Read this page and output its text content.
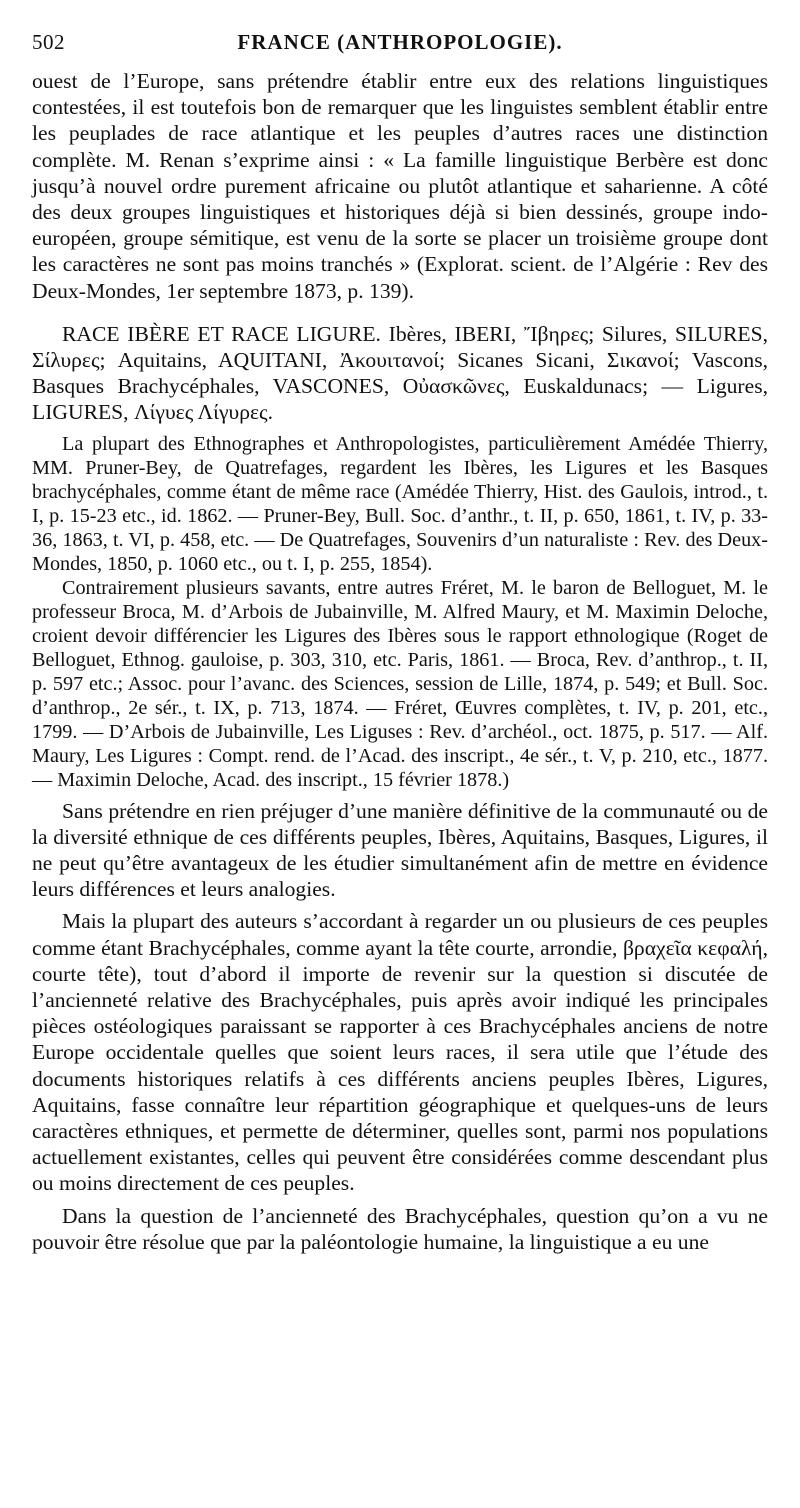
502	FRANCE (ANTHROPOLOGIE).

ouest de l’Europe, sans prétendre établir entre eux des relations linguistiques contestées, il est toutefois bon de remarquer que les linguistes semblent établir entre les peuplades de race atlantique et les peuples d’autres races une distinction complète. M. Renan s’exprime ainsi : « La famille linguistique Berbère est donc jusqu’à nouvel ordre purement africaine ou plutôt atlantique et saharienne. A côté des deux groupes linguistiques et historiques déjà si bien dessinés, groupe indo-européen, groupe sémitique, est venu de la sorte se placer un troisième groupe dont les caractères ne sont pas moins tranchés » (Explorat. scient. de l’Algérie : Rev des Deux-Mondes, 1er septembre 1873, p. 139).

RACE IBÈRE ET RACE LIGURE. Ibères, IBERI, Ἴβηρες; Silures, SILURES, Σίλυρες; Aquitains, AQUITANI, Ἀκουιτανοί; Sicanes Sicani, Σικανοί; Vascons, Basques Brachycéphales, VASCONES, Οὐασκῶνες, Euskaldunacs; — Ligures, LIGURES, Λίγυες Λίγυρες.

La plupart des Ethnographes et Anthropologistes, particulièrement Amédée Thierry, MM. Pruner-Bey, de Quatrefages, regardent les Ibères, les Ligures et les Basques brachycéphales, comme étant de même race (Amédée Thierry, Hist. des Gaulois, introd., t. I, p. 15-23 etc., id. 1862. — Pruner-Bey, Bull. Soc. d’anthr., t. II, p. 650, 1861, t. IV, p. 33-36, 1863, t. VI, p. 458, etc. — De Quatrefages, Souvenirs d’un naturaliste : Rev. des Deux-Mondes, 1850, p. 1060 etc., ou t. I, p. 255, 1854).

Contrairement plusieurs savants, entre autres Fréret, M. le baron de Belloguet, M. le professeur Broca, M. d’Arbois de Jubainville, M. Alfred Maury, et M. Maximin Deloche, croient devoir différencier les Ligures des Ibères sous le rapport ethnologique (Roget de Belloguet, Ethnog. gauloise, p. 303, 310, etc. Paris, 1861. — Broca, Rev. d’anthrop., t. II, p. 597 etc.; Assoc. pour l’avanc. des Sciences, session de Lille, 1874, p. 549; et Bull. Soc. d’anthrop., 2e sér., t. IX, p. 713, 1874. — Fréret, Œuvres complètes, t. IV, p. 201, etc., 1799. — D’Arbois de Jubainville, Les Liguses : Rev. d’archéol., oct. 1875, p. 517. — Alf. Maury, Les Ligures : Compt. rend. de l’Acad. des inscript., 4e sér., t. V, p. 210, etc., 1877. — Maximin Deloche, Acad. des inscript., 15 février 1878.)

Sans prétendre en rien préjuger d’une manière définitive de la communauté ou de la diversité ethnique de ces différents peuples, Ibères, Aquitains, Basques, Ligures, il ne peut qu’être avantageux de les étudier simultanément afin de mettre en évidence leurs différences et leurs analogies.

Mais la plupart des auteurs s’accordant à regarder un ou plusieurs de ces peuples comme étant Brachycéphales, comme ayant la tête courte, arrondie, βραχεῖα κεφαλή, courte tête), tout d’abord il importe de revenir sur la question si discutée de l’ancienneté relative des Brachycéphales, puis après avoir indiqué les principales pièces ostéologiques paraissant se rapporter à ces Brachycéphales anciens de notre Europe occidentale quelles que soient leurs races, il sera utile que l’étude des documents historiques relatifs à ces différents anciens peuples Ibères, Ligures, Aquitains, fasse connaître leur répartition géographique et quelques-uns de leurs caractères ethniques, et permette de déterminer, quelles sont, parmi nos populations actuellement existantes, celles qui peuvent être considérées comme descendant plus ou moins directement de ces peuples.

Dans la question de l’ancienneté des Brachycéphales, question qu’on a vu ne pouvoir être résolue que par la paléontologie humaine, la linguistique a eu une
